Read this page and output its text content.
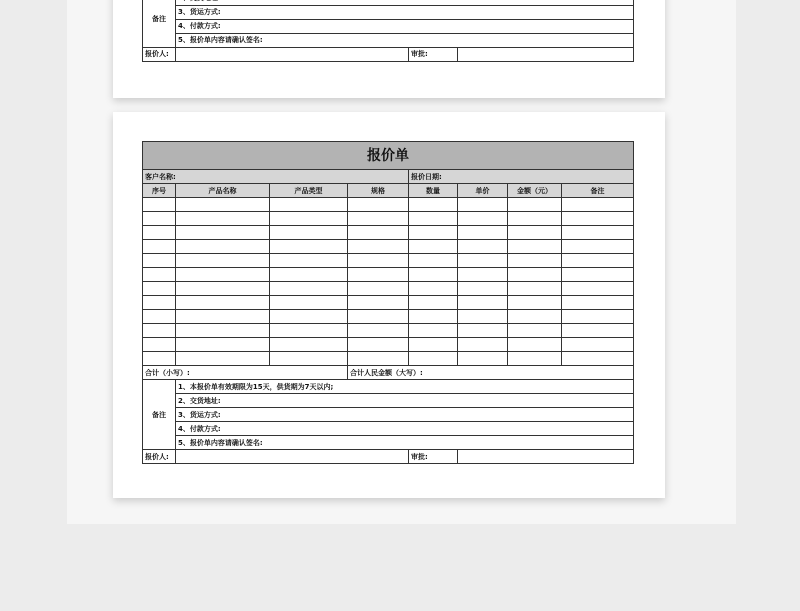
备注	
	3、货运方式:		
	4、付款方式:		
	5、报价单内容请确认签名:		
报价人:		审批:	
报价单							
客户名称:				报价日期:			
序号	产品名称	产品类型	规格	数量	单价	金额（元）	备注

合计（小写）:			合计人民金额（大写）:				
备注	1、本报价单有效期限为15天，供货期为7天以内;						
	2、交货地址:						
	3、货运方式:						
	4、付款方式:						
	5、报价单内容请确认签名:						
报价人:				审批:			
